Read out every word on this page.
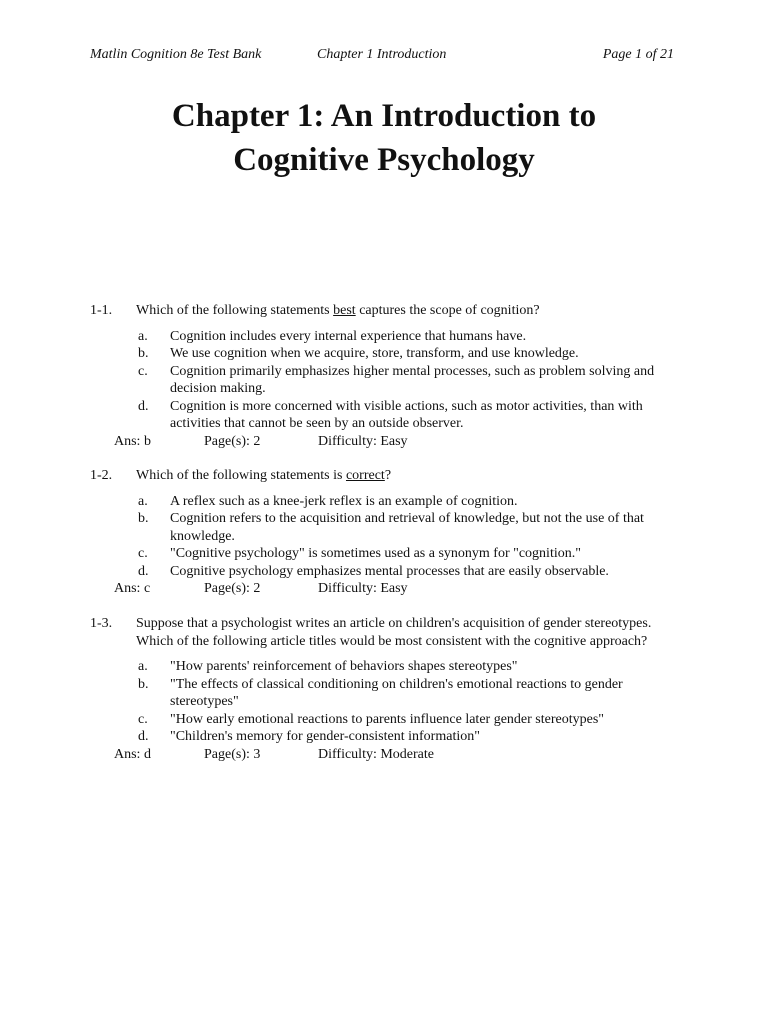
Matlin Cognition 8e Test Bank	Chapter 1 Introduction	Page 1 of 21
Chapter 1: An Introduction to
Cognitive Psychology
1-1. Which of the following statements best captures the scope of cognition?
a. Cognition includes every internal experience that humans have.
b. We use cognition when we acquire, store, transform, and use knowledge.
c. Cognition primarily emphasizes higher mental processes, such as problem solving and decision making.
d. Cognition is more concerned with visible actions, such as motor activities, than with activities that cannot be seen by an outside observer.
Ans: b	Page(s): 2	Difficulty: Easy
1-2. Which of the following statements is correct?
a. A reflex such as a knee-jerk reflex is an example of cognition.
b. Cognition refers to the acquisition and retrieval of knowledge, but not the use of that knowledge.
c. "Cognitive psychology" is sometimes used as a synonym for "cognition."
d. Cognitive psychology emphasizes mental processes that are easily observable.
Ans: c	Page(s): 2	Difficulty: Easy
1-3. Suppose that a psychologist writes an article on children's acquisition of gender stereotypes. Which of the following article titles would be most consistent with the cognitive approach?
a. "How parents' reinforcement of behaviors shapes stereotypes"
b. "The effects of classical conditioning on children's emotional reactions to gender stereotypes"
c. "How early emotional reactions to parents influence later gender stereotypes"
d. "Children's memory for gender-consistent information"
Ans: d	Page(s): 3	Difficulty: Moderate
